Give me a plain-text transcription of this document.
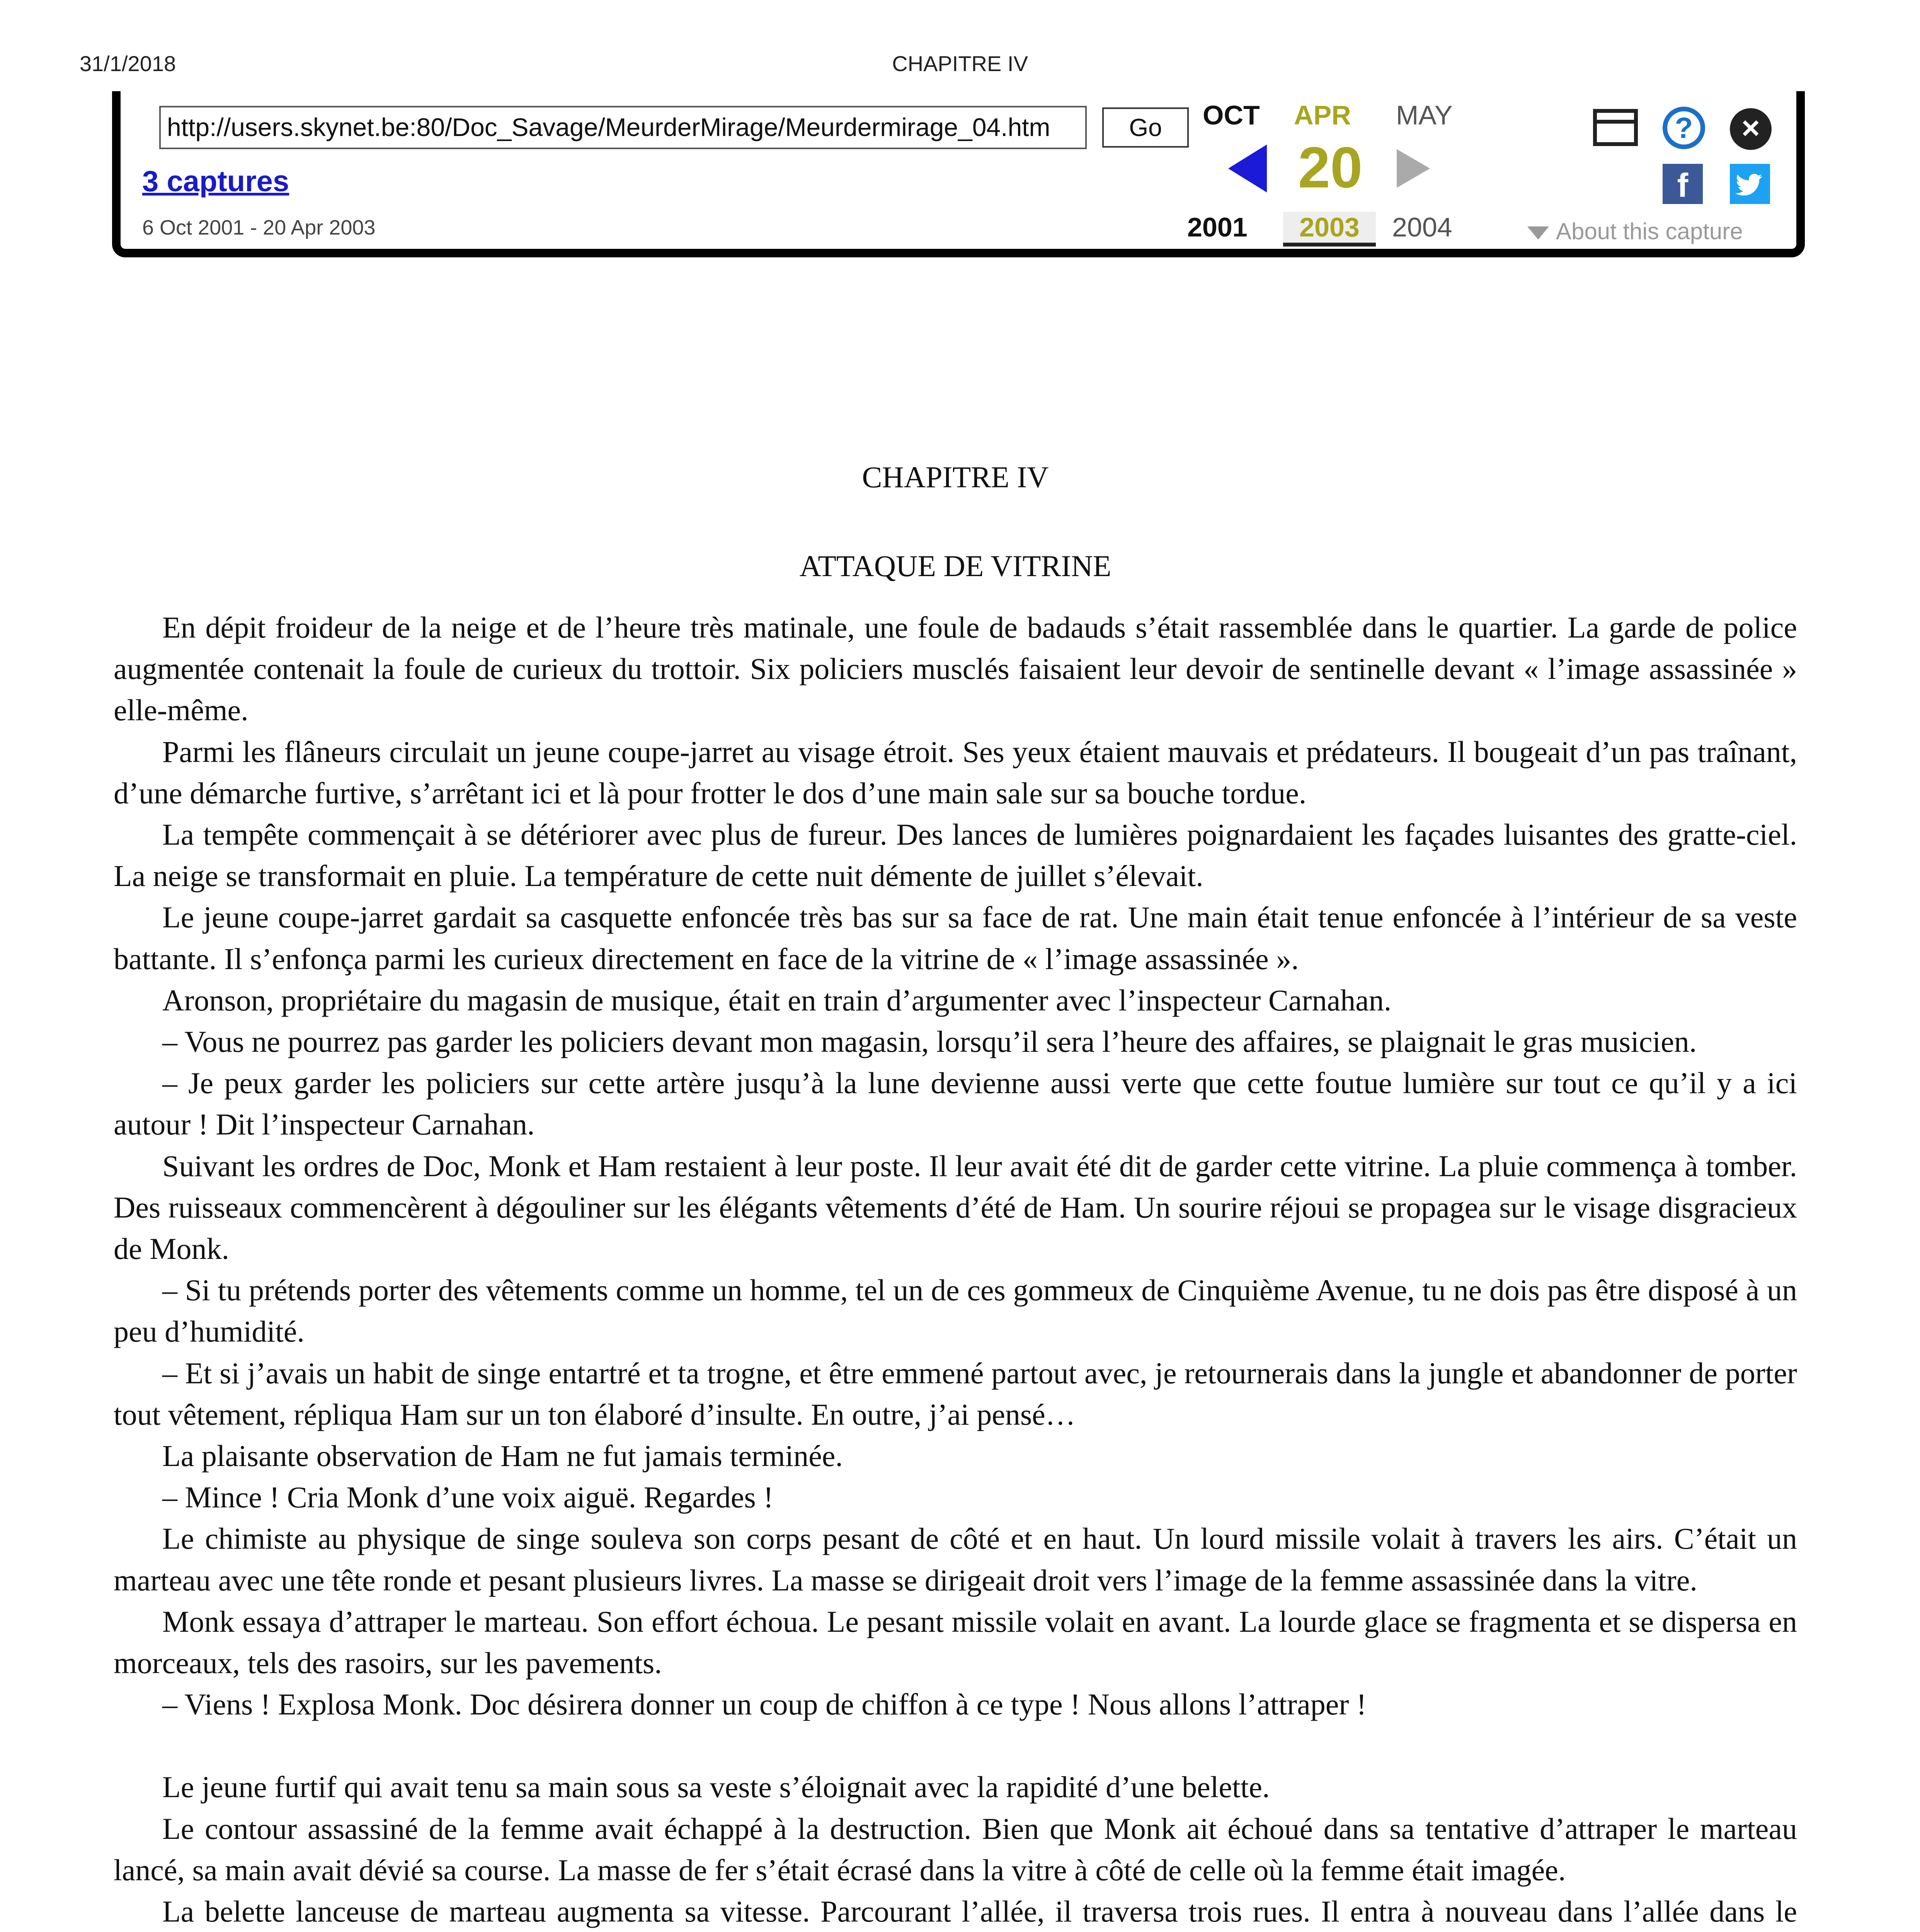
31/1/2018	CHAPITRE IV
http://users.skynet.be:80/Doc_Savage/MeurderMirage/Meurdermirage_04.htm	Go
3 captures
6 Oct 2001 - 20 Apr 2003
OCT APR MAY
20
2001	2003	2004	About this capture
?	×
f
CHAPITRE IV
ATTAQUE DE VITRINE

En dépit froideur de la neige et de l’heure très matinale, une foule de badauds s’était rassemblée dans le quartier. La garde de police augmentée contenait la foule de curieux du trottoir. Six policiers musclés faisaient leur devoir de sentinelle devant « l’image assassinée » elle-même.

Parmi les flâneurs circulait un jeune coupe-jarret au visage étroit. Ses yeux étaient mauvais et prédateurs. Il bougeait d’un pas traînant, d’une démarche furtive, s’arrêtant ici et là pour frotter le dos d’une main sale sur sa bouche tordue.

La tempête commençait à se détériorer avec plus de fureur. Des lances de lumières poignardaient les façades luisantes des gratte-ciel. La neige se transformait en pluie. La température de cette nuit démente de juillet s’élevait.

Le jeune coupe-jarret gardait sa casquette enfoncée très bas sur sa face de rat. Une main était tenue enfoncée à l’intérieur de sa veste battante. Il s’enfonça parmi les curieux directement en face de la vitrine de « l’image assassinée ».

Aronson, propriétaire du magasin de musique, était en train d’argumenter avec l’inspecteur Carnahan.

– Vous ne pourrez pas garder les policiers devant mon magasin, lorsqu’il sera l’heure des affaires, se plaignait le gras musicien.

– Je peux garder les policiers sur cette artère jusqu’à la lune devienne aussi verte que cette foutue lumière sur tout ce qu’il y a ici autour ! Dit l’inspecteur Carnahan.

Suivant les ordres de Doc, Monk et Ham restaient à leur poste. Il leur avait été dit de garder cette vitrine. La pluie commença à tomber. Des ruisseaux commencèrent à dégouliner sur les élégants vêtements d’été de Ham. Un sourire réjoui se propagea sur le visage disgracieux de Monk.

– Si tu prétends porter des vêtements comme un homme, tel un de ces gommeux de Cinquième Avenue, tu ne dois pas être disposé à un peu d’humidité.

– Et si j’avais un habit de singe entartré et ta trogne, et être emmené partout avec, je retournerais dans la jungle et abandonner de porter tout vêtement, répliqua Ham sur un ton élaboré d’insulte. En outre, j’ai pensé…

La plaisante observation de Ham ne fut jamais terminée.

– Mince ! Cria Monk d’une voix aiguë. Regardes !

Le chimiste au physique de singe souleva son corps pesant de côté et en haut. Un lourd missile volait à travers les airs. C’était un marteau avec une tête ronde et pesant plusieurs livres. La masse se dirigeait droit vers l’image de la femme assassinée dans la vitre.

Monk essaya d’attraper le marteau. Son effort échoua. Le pesant missile volait en avant. La lourde glace se fragmenta et se dispersa en morceaux, tels des rasoirs, sur les pavements.

– Viens ! Explosa Monk. Doc désirera donner un coup de chiffon à ce type ! Nous allons l’attraper !

Le jeune furtif qui avait tenu sa main sous sa veste s’éloignait avec la rapidité d’une belette.

Le contour assassiné de la femme avait échappé à la destruction. Bien que Monk ait échoué dans sa tentative d’attraper le marteau lancé, sa main avait dévié sa course. La masse de fer s’était écrasé dans la vitre à côté de celle où la femme était imagée.

La belette lanceuse de marteau augmenta sa vitesse. Parcourant l’allée, il traversa trois rues. Il entra à nouveau dans l’allée dans le
